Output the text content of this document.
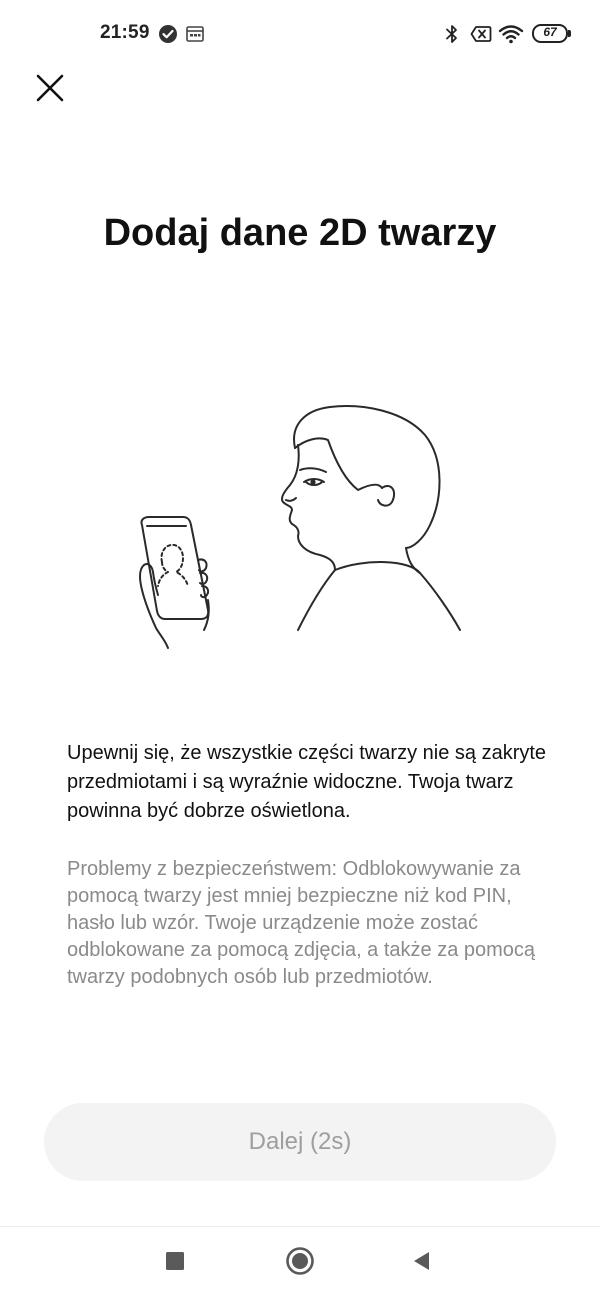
21:59	67
Dodaj dane 2D twarzy

Upewnij się, że wszystkie części twarzy nie są zakryte przedmiotami i są wyraźnie widoczne. Twoja twarz powinna być dobrze oświetlona.

Problemy z bezpieczeństwem: Odblokowywanie za pomocą twarzy jest mniej bezpieczne niż kod PIN, hasło lub wzór. Twoje urządzenie może zostać odblokowane za pomocą zdjęcia, a także za pomocą twarzy podobnych osób lub przedmiotów.

Dalej (2s)
